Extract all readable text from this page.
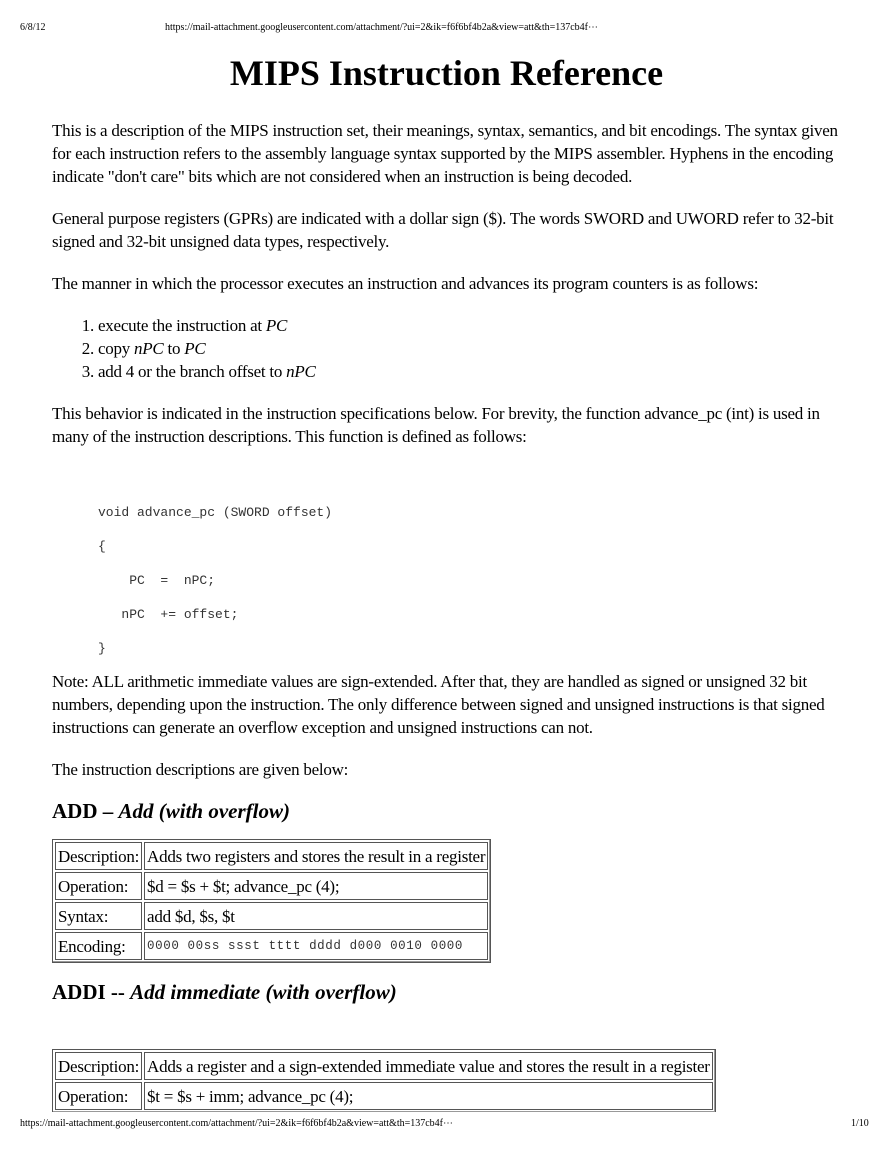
6/8/12	https://mail-attachment.googleusercontent.com/attachment/?ui=2&ik=f6f6bf4b2a&view=att&th=137cb4f⋯
MIPS Instruction Reference

This is a description of the MIPS instruction set, their meanings, syntax, semantics, and bit encodings. The syntax given for each instruction refers to the assembly language syntax supported by the MIPS assembler. Hyphens in the encoding indicate "don't care" bits which are not considered when an instruction is being decoded.

General purpose registers (GPRs) are indicated with a dollar sign ($). The words SWORD and UWORD refer to 32-bit signed and 32-bit unsigned data types, respectively.

The manner in which the processor executes an instruction and advances its program counters is as follows:

1. execute the instruction at PC
2. copy nPC to PC
3. add 4 or the branch offset to nPC

This behavior is indicated in the instruction specifications below. For brevity, the function advance_pc (int) is used in many of the instruction descriptions. This function is defined as follows:

void advance_pc (SWORD offset)
{
PC  =  nPC;
nPC  += offset;
}

Note: ALL arithmetic immediate values are sign-extended. After that, they are handled as signed or unsigned 32 bit numbers, depending upon the instruction. The only difference between signed and unsigned instructions is that signed instructions can generate an overflow exception and unsigned instructions can not.

The instruction descriptions are given below:

ADD – Add (with overflow)
Description:	Adds two registers and stores the result in a register
Operation:	$d = $s + $t; advance_pc (4);
Syntax:	add $d, $s, $t
Encoding:	0000 00ss ssst tttt dddd d000 0010 0000
ADDI -- Add immediate (with overflow)
Description:	Adds a register and a sign-extended immediate value and stores the result in a register
Operation:	$t = $s + imm; advance_pc (4);
https://mail-attachment.googleusercontent.com/attachment/?ui=2&ik=f6f6bf4b2a&view=att&th=137cb4f⋯	1/10
